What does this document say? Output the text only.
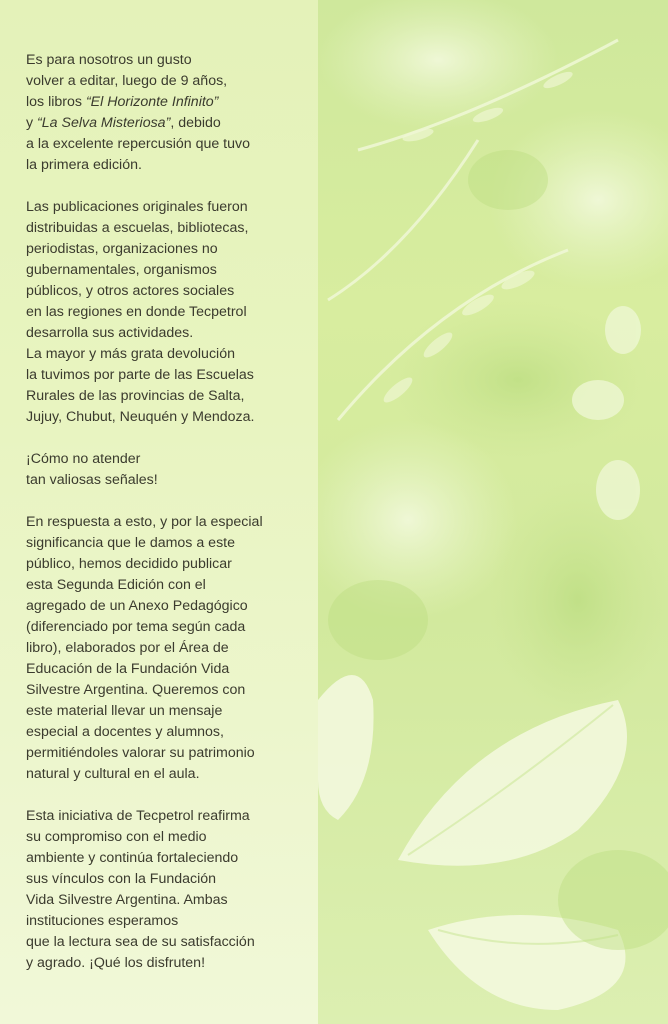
Es para nosotros un gusto
volver a editar, luego de 9 años,
los libros “El Horizonte Infinito”
y “La Selva Misteriosa”, debido
a la excelente repercusión que tuvo
la primera edición.

Las publicaciones originales fueron
distribuidas a escuelas, bibliotecas,
periodistas, organizaciones no
gubernamentales, organismos
públicos, y otros actores sociales
en las regiones en donde Tecpetrol
desarrolla sus actividades.
La mayor y más grata devolución
la tuvimos por parte de las Escuelas
Rurales de las provincias de Salta,
Jujuy, Chubut, Neuquén y Mendoza.

¡Cómo no atender
tan valiosas señales!

En respuesta a esto, y por la especial
significancia que le damos a este
público, hemos decidido publicar
esta Segunda Edición con el
agregado de un Anexo Pedagógico
(diferenciado por tema según cada
libro), elaborados por el Área de
Educación de la Fundación Vida
Silvestre Argentina. Queremos con
este material llevar un mensaje
especial a docentes y alumnos,
permitiéndoles valorar su patrimonio
natural y cultural en el aula.

Esta iniciativa de Tecpetrol reafirma
su compromiso con el medio
ambiente y continúa fortaleciendo
sus vínculos con la Fundación
Vida Silvestre Argentina. Ambas
instituciones esperamos
que la lectura sea de su satisfacción
y agrado. ¡Qué los disfruten!
